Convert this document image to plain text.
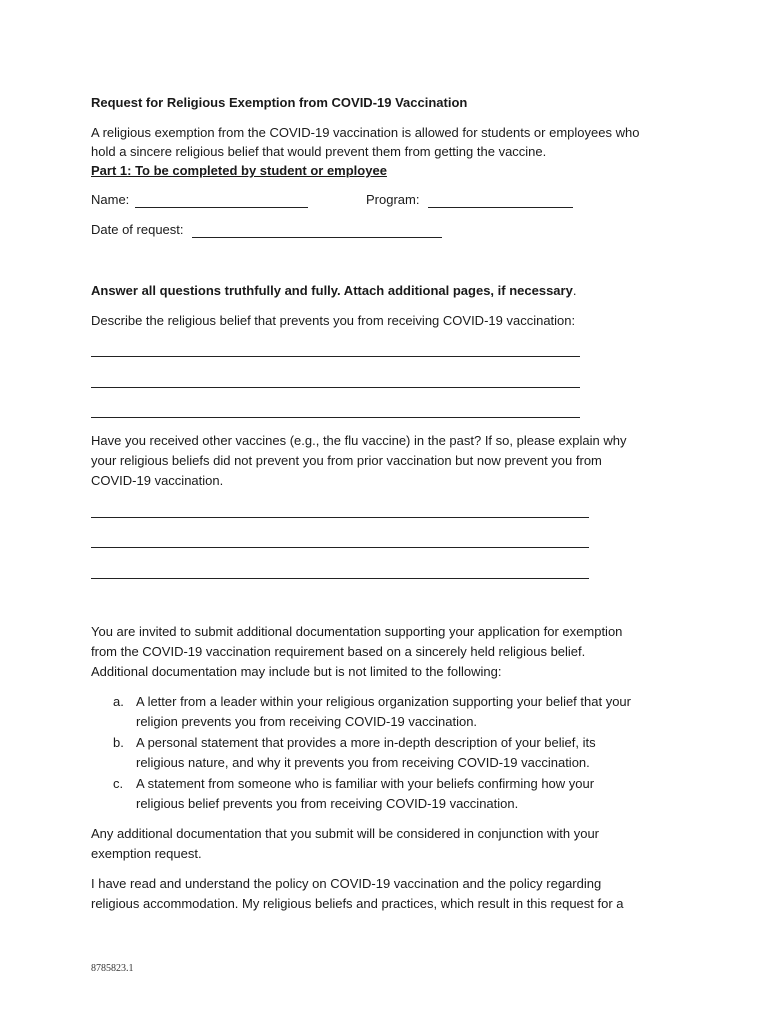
Request for Religious Exemption from COVID-19 Vaccination
A religious exemption from the COVID-19 vaccination is allowed for students or employees who
hold a sincere religious belief that would prevent them from getting the vaccine.
Part 1: To be completed by student or employee
Name:	Program:
Date of request:
Answer all questions truthfully and fully. Attach additional pages, if necessary.
Describe the religious belief that prevents you from receiving COVID-19 vaccination:
Have you received other vaccines (e.g., the flu vaccine) in the past? If so, please explain why
your religious beliefs did not prevent you from prior vaccination but now prevent you from
COVID-19 vaccination.
You are invited to submit additional documentation supporting your application for exemption
from the COVID-19 vaccination requirement based on a sincerely held religious belief.
Additional documentation may include but is not limited to the following:
a. A letter from a leader within your religious organization supporting your belief that your
religion prevents you from receiving COVID-19 vaccination.
b. A personal statement that provides a more in-depth description of your belief, its
religious nature, and why it prevents you from receiving COVID-19 vaccination.
c. A statement from someone who is familiar with your beliefs confirming how your
religious belief prevents you from receiving COVID-19 vaccination.
Any additional documentation that you submit will be considered in conjunction with your
exemption request.
I have read and understand the policy on COVID-19 vaccination and the policy regarding
religious accommodation. My religious beliefs and practices, which result in this request for a
8785823.1
